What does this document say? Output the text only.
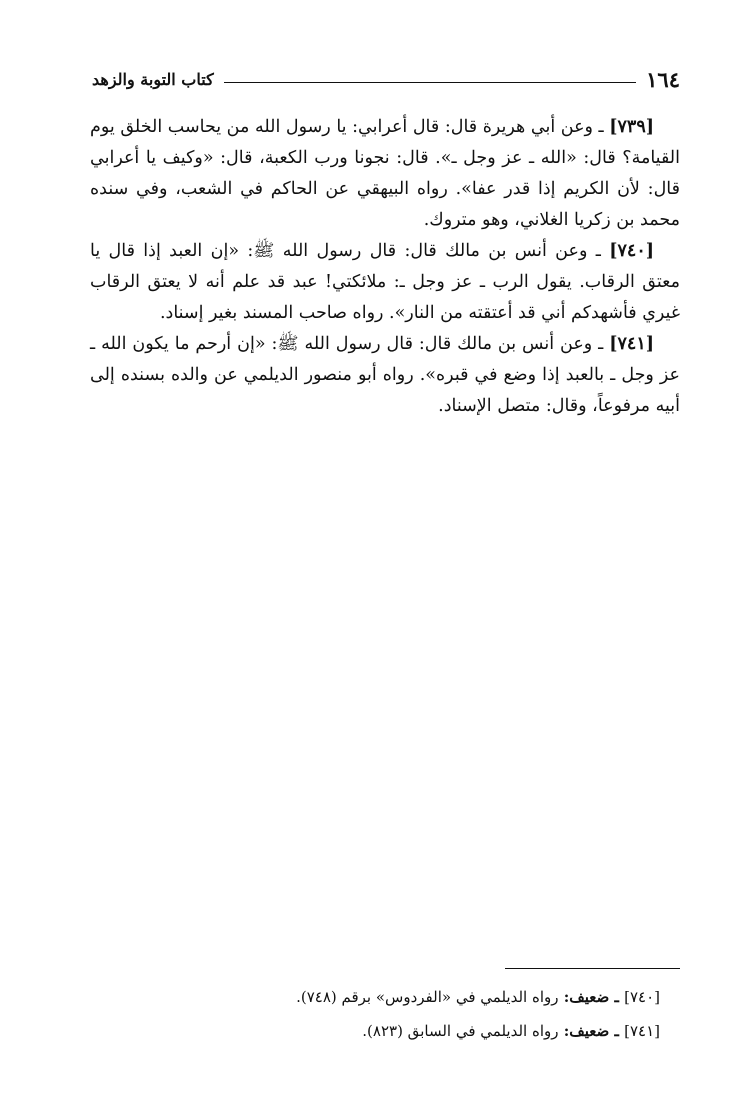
١٦٤
كتاب التوبة والزهد

[٧٣٩] ـ وعن أبي هريرة قال: قال أعرابي: يا رسول الله من يحاسب الخلق يوم القيامة؟ قال: «الله ـ عز وجل ـ». قال: نجونا ورب الكعبة، قال: «وكيف يا أعرابي قال: لأن الكريم إذا قدر عفا». رواه البيهقي عن الحاكم في الشعب، وفي سنده محمد بن زكريا الغلاني، وهو متروك.

[٧٤٠] ـ وعن أنس بن مالك قال: قال رسول الله ﷺ: «إن العبد إذا قال يا معتق الرقاب. يقول الرب ـ عز وجل ـ: ملائكتي! عبد قد علم أنه لا يعتق الرقاب غيري فأشهدكم أني قد أعتقته من النار». رواه صاحب المسند بغير إسناد.

[٧٤١] ـ وعن أنس بن مالك قال: قال رسول الله ﷺ: «إن أرحم ما يكون الله ـ عز وجل ـ بالعبد إذا وضع في قبره». رواه أبو منصور الديلمي عن والده بسنده إلى أبيه مرفوعاً، وقال: متصل الإسناد.

[٧٤٠] ـ ضعيف: رواه الديلمي في «الفردوس» برقم (٧٤٨).

[٧٤١] ـ ضعيف: رواه الديلمي في السابق (٨٢٣).
